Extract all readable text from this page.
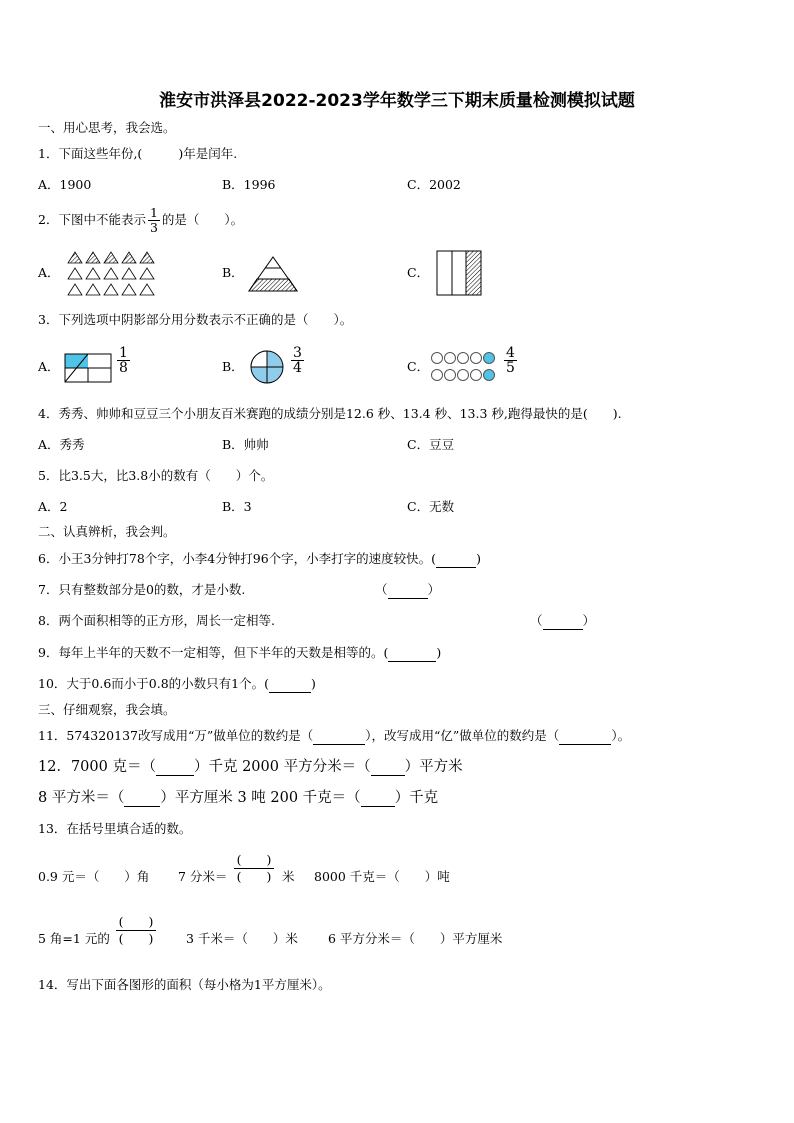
淮安市洪泽县2022-2023学年数学三下期末质量检测模拟试题
一、用心思考，我会选。
1．下面这些年份,(	)年是闰年.
A．1900	B．1996	C．2002
2．下图中不能表示 $\frac{1}{3}$ 的是（　　）。
A．	B．	C．
3．下列选项中阴影部分用分数表示不正确的是（　　）。
A．	$\frac{1}{8}$	B．	$\frac{3}{4}$	C．	$\frac{4}{5}$
4．秀秀、帅帅和豆豆三个小朋友百米赛跑的成绩分别是12.6 秒、13.4 秒、13.3 秒,跑得最快的是(　　).
A．秀秀	B．帅帅	C．豆豆
5．比3.5大，比3.8小的数有（　　）个。
A．2	B．3	C．无数
二、认真辨析，我会判。
6．小王3分钟打78个字，小李4分钟打96个字，小李打字的速度较快。(	)
7．只有整数部分是0的数，才是小数.	（	）
8．两个面积相等的正方形，周长一定相等.	（	）
9．每年上半年的天数不一定相等，但下半年的天数是相等的。(	)
10．大于0.6而小于0.8的小数只有1个。(	)
三、仔细观察，我会填。
11．574320137改写成用“万”做单位的数约是（	），改写成用“亿”做单位的数约是（	）。
12．7000 克＝（	）千克 2000 平方分米＝（ ）平方米
8 平方米＝（ ）平方厘米 3 吨 200 千克＝（ ）千克
13．在括号里填合适的数。
0.9 元＝（　　）角 7 分米＝
(　　)
(　　) 米 8000 千克＝（　　）吨
5 角=1 元的
(　　)
(　　)	3 千米＝（　　）米 6 平方分米＝（　　）平方厘米
14．写出下面各图形的面积（每小格为1平方厘米）。
